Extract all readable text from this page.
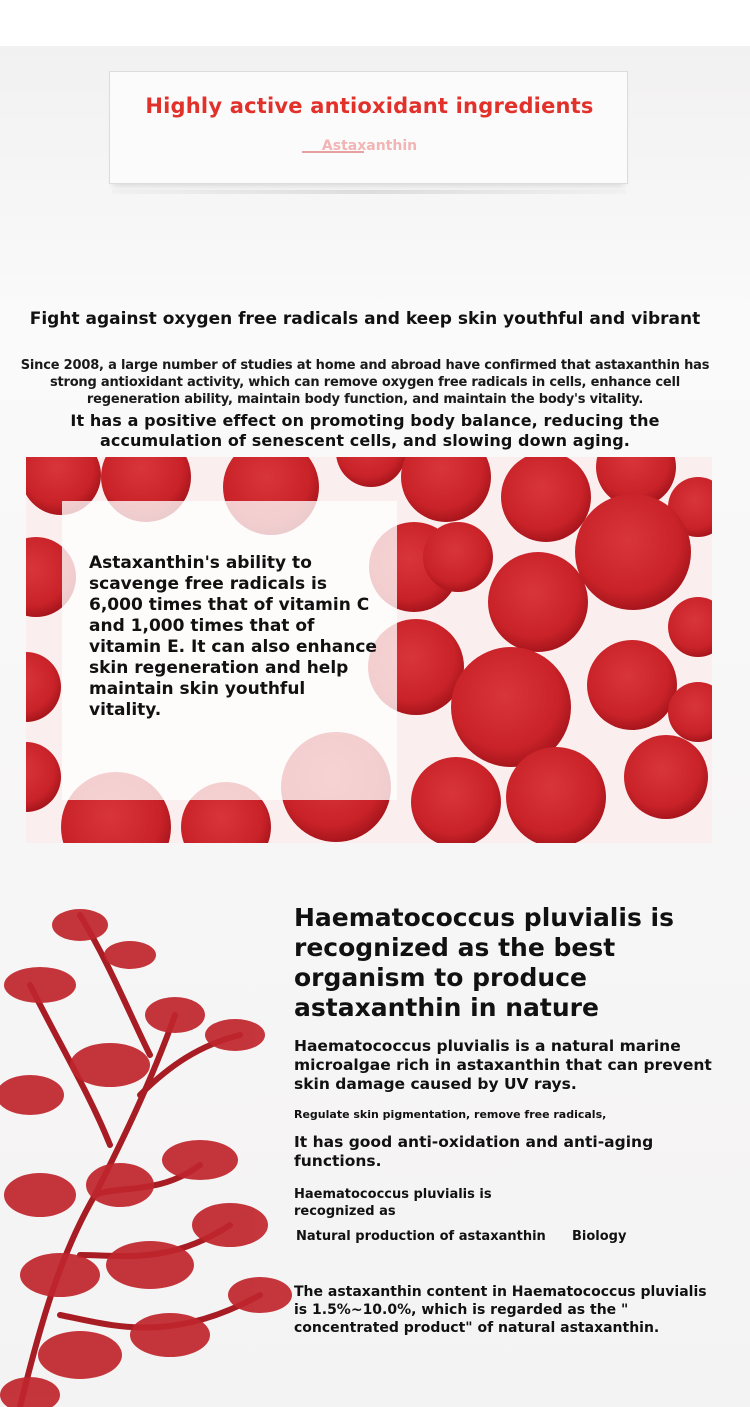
Highly active antioxidant ingredients
Astaxanthin
Fight against oxygen free radicals and keep skin youthful and vibrant
Since 2008, a large number of studies at home and abroad have confirmed that astaxanthin has strong antioxidant activity, which can remove oxygen free radicals in cells, enhance cell regeneration ability, maintain body function, and maintain the body's vitality.
It has a positive effect on promoting body balance, reducing the accumulation of senescent cells, and slowing down aging.
Astaxanthin's ability to scavenge free radicals is 6,000 times that of vitamin C and 1,000 times that of vitamin E. It can also enhance skin regeneration and help maintain skin youthful vitality.
Haematococcus pluvialis is recognized as the best organism to produce astaxanthin in nature
Haematococcus pluvialis is a natural marine microalgae rich in astaxanthin that can prevent skin damage caused by UV rays.
Regulate skin pigmentation, remove free radicals,
It has good anti-oxidation and anti-aging functions.
Haematococcus pluvialis is recognized as
Natural production of astaxanthin Biology
The astaxanthin content in Haematococcus pluvialis is 1.5%~10.0%, which is regarded as the " concentrated product" of natural astaxanthin.
